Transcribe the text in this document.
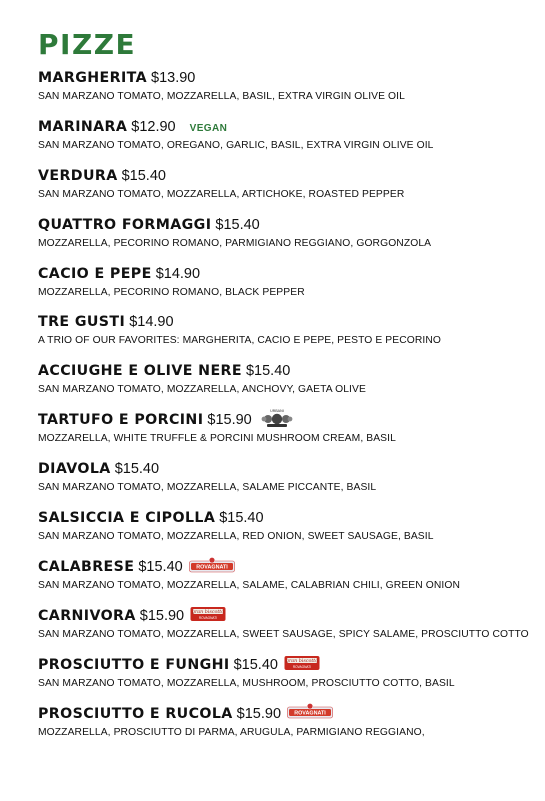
PIZZE
MARGHERITA $13.90
SAN MARZANO TOMATO, MOZZARELLA, BASIL, EXTRA VIRGIN OLIVE OIL
MARINARA $12.90 VEGAN
SAN MARZANO TOMATO, OREGANO, GARLIC, BASIL, EXTRA VIRGIN OLIVE OIL
VERDURA $15.40
SAN MARZANO TOMATO, MOZZARELLA, ARTICHOKE, ROASTED PEPPER
QUATTRO FORMAGGI $15.40
MOZZARELLA, PECORINO ROMANO, PARMIGIANO REGGIANO, GORGONZOLA
CACIO E PEPE $14.90
MOZZARELLA, PECORINO ROMANO, BLACK PEPPER
TRE GUSTI $14.90
A TRIO OF OUR FAVORITES: MARGHERITA, CACIO E PEPE, PESTO E PECORINO
ACCIUGHE E OLIVE NERE $15.40
SAN MARZANO TOMATO, MOZZARELLA, ANCHOVY, GAETA OLIVE
TARTUFO E PORCINI $15.90
URBANI
MOZZARELLA, WHITE TRUFFLE & PORCINI MUSHROOM CREAM, BASIL
DIAVOLA $15.40
SAN MARZANO TOMATO, MOZZARELLA, SALAME PICCANTE, BASIL
SALSICCIA E CIPOLLA $15.40
SAN MARZANO TOMATO, MOZZARELLA, RED ONION, SWEET SAUSAGE, BASIL
CALABRESE $15.40 ROVAGNATI
SAN MARZANO TOMATO, MOZZARELLA, SALAME, CALABRIAN CHILI, GREEN ONION
CARNIVORA $15.90 gran biscotto
ROVAGNATI
SAN MARZANO TOMATO, MOZZARELLA, SWEET SAUSAGE, SPICY SALAME, PROSCIUTTO COTTO
PROSCIUTTO E FUNGHI $15.40 gran biscotto
ROVAGNATI
SAN MARZANO TOMATO, MOZZARELLA, MUSHROOM, PROSCIUTTO COTTO, BASIL
PROSCIUTTO E RUCOLA $15.90 ROVAGNATI
MOZZARELLA, PROSCIUTTO DI PARMA, ARUGULA, PARMIGIANO REGGIANO,
